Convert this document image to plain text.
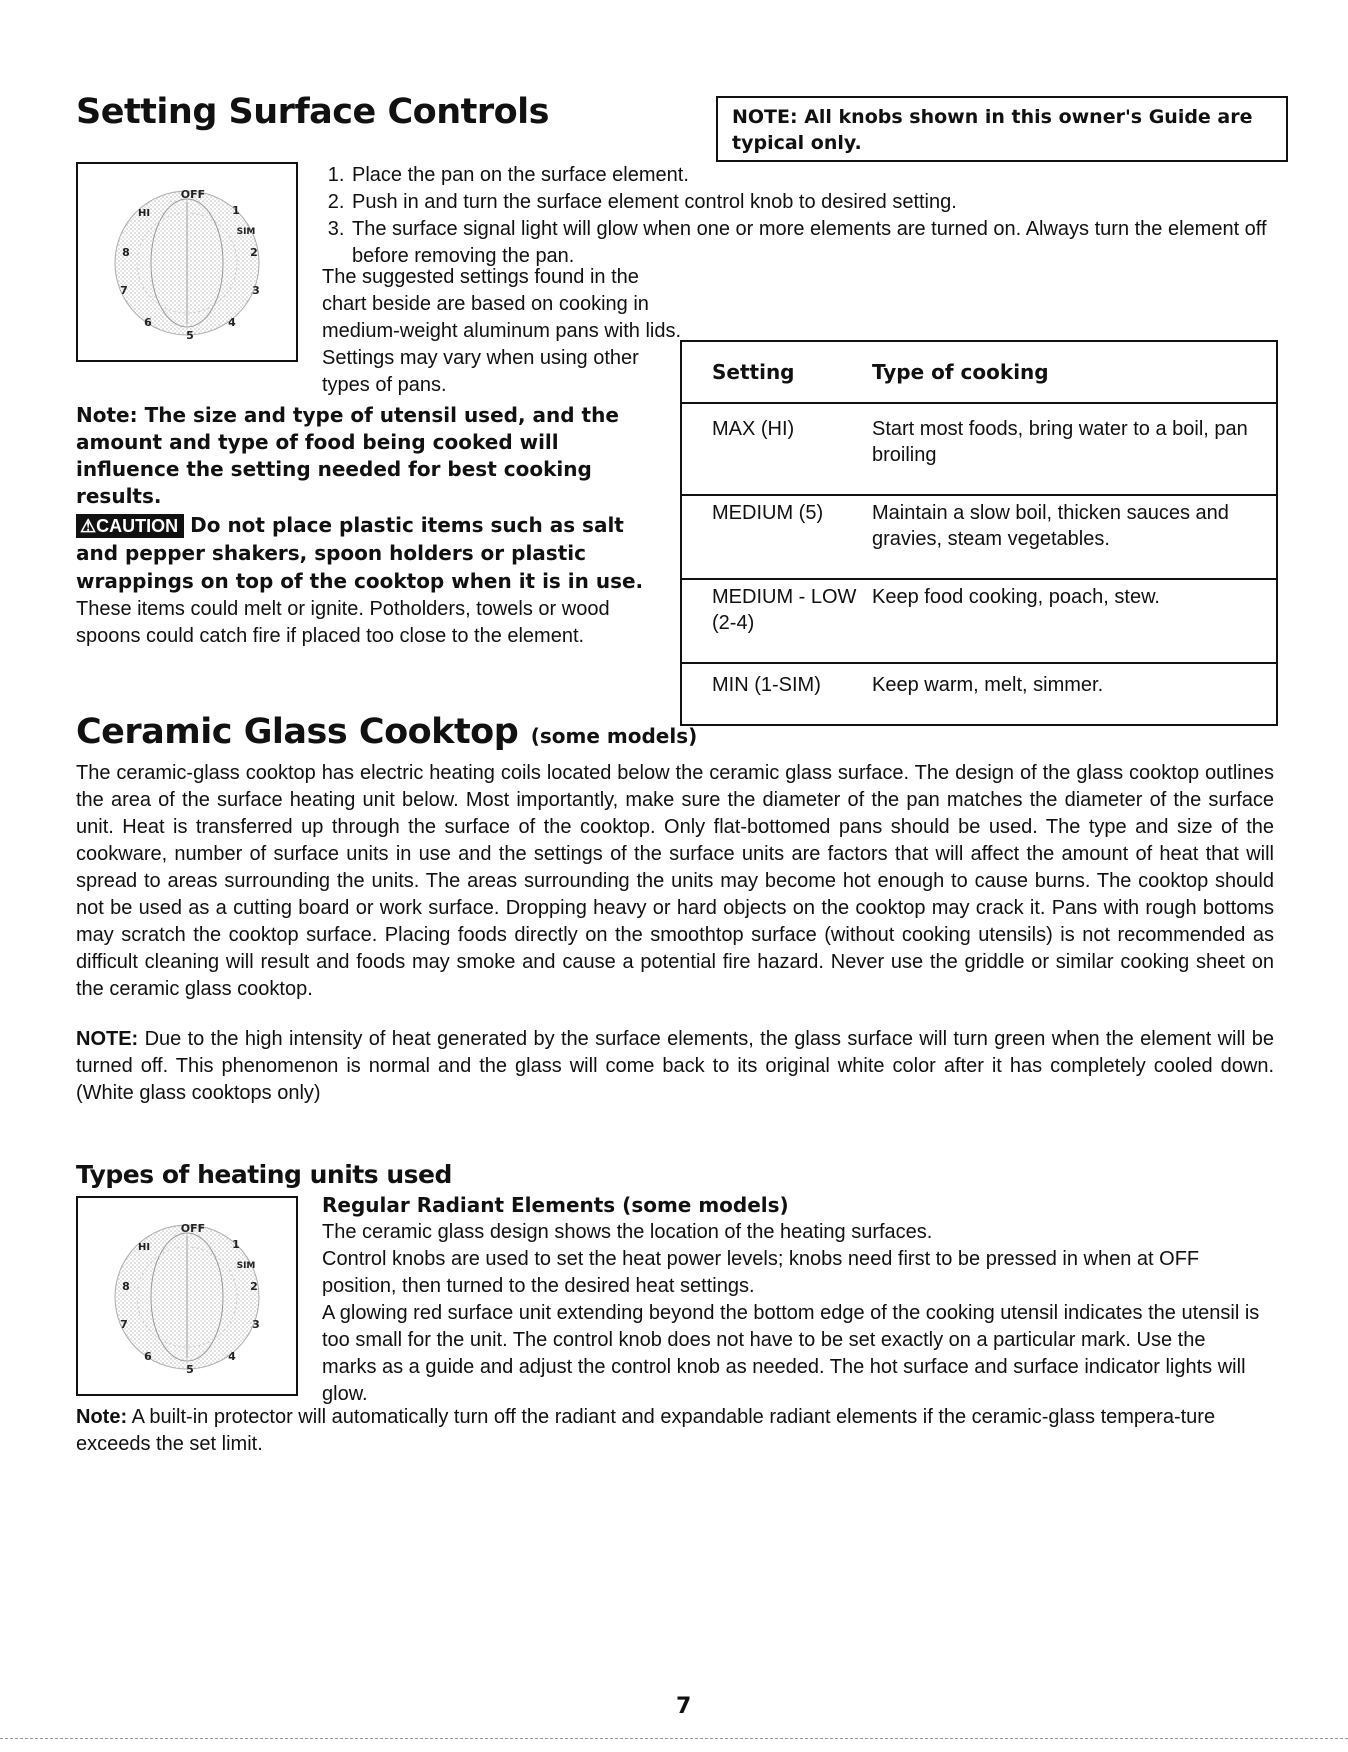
Setting Surface Controls	NOTE: All knobs shown in this owner's Guide are typical only.
OFF
1
SIM
2
3
4
5
6
7
8
HI
1. Place the pan on the surface element.
2. Push in and turn the surface element control knob to desired setting.
3. The surface signal light will glow when one or more elements are turned on. Always turn the element off before removing the pan.
The suggested settings found in the chart beside are based on cooking in medium-weight aluminum pans with lids. Settings may vary when using other types of pans.
Setting	Type of cooking
MAX (HI)	Start most foods, bring water to a boil, pan broiling
MEDIUM (5)	Maintain a slow boil, thicken sauces and gravies, steam vegetables.
MEDIUM - LOW (2-4)	Keep food cooking, poach, stew.
MIN (1-SIM)	Keep warm, melt, simmer.
Note: The size and type of utensil used, and the amount and type of food being cooked will influence the setting needed for best cooking results.
⚠CAUTION Do not place plastic items such as salt and pepper shakers, spoon holders or plastic wrappings on top of the cooktop when it is in use. These items could melt or ignite. Potholders, towels or wood spoons could catch fire if placed too close to the element.
Ceramic Glass Cooktop (some models)
The ceramic-glass cooktop has electric heating coils located below the ceramic glass surface. The design of the glass cooktop outlines the area of the surface heating unit below. Most importantly, make sure the diameter of the pan matches the diameter of the surface unit. Heat is transferred up through the surface of the cooktop. Only flat-bottomed pans should be used. The type and size of the cookware, number of surface units in use and the settings of the surface units are factors that will affect the amount of heat that will spread to areas surrounding the units. The areas surrounding the units may become hot enough to cause burns. The cooktop should not be used as a cutting board or work surface. Dropping heavy or hard objects on the cooktop may crack it. Pans with rough bottoms may scratch the cooktop surface. Placing foods directly on the smoothtop surface (without cooking utensils) is not recommended as difficult cleaning will result and foods may smoke and cause a potential fire hazard. Never use the griddle or similar cooking sheet on the ceramic glass cooktop.
NOTE: Due to the high intensity of heat generated by the surface elements, the glass surface will turn green when the element will be turned off. This phenomenon is normal and the glass will come back to its original white color after it has completely cooled down. (White glass cooktops only)
Types of heating units used
OFF
1
SIM
2
3
4
5
6
7
8
HI
Regular Radiant Elements (some models)
The ceramic glass design shows the location of the heating surfaces.
Control knobs are used to set the heat power levels; knobs need first to be pressed in when at OFF position, then turned to the desired heat settings.
A glowing red surface unit extending beyond the bottom edge of the cooking utensil indicates the utensil is too small for the unit. The control knob does not have to be set exactly on a particular mark. Use the marks as a guide and adjust the control knob as needed. The hot surface and surface indicator lights will glow.
Note: A built-in protector will automatically turn off the radiant and expandable radiant elements if the ceramic-glass tempera-ture exceeds the set limit.
7
